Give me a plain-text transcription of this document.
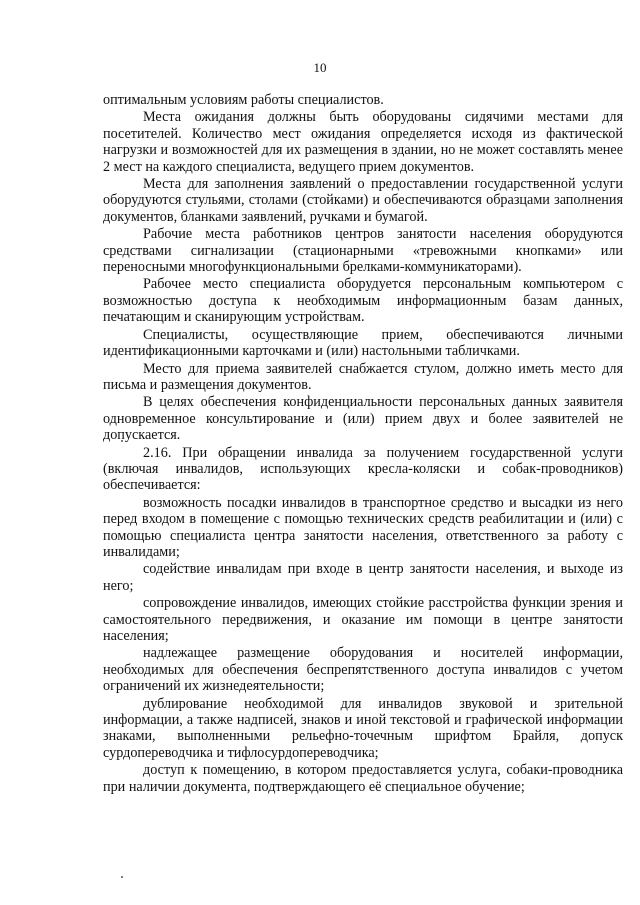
10

оптимальным условиям работы специалистов.

Места ожидания должны быть оборудованы сидячими местами для посетителей. Количество мест ожидания определяется исходя из фактической нагрузки и возможностей для их размещения в здании, но не может составлять менее 2 мест на каждого специалиста, ведущего прием документов.

Места для заполнения заявлений о предоставлении государственной услуги оборудуются стульями, столами (стойками) и обеспечиваются образцами заполнения документов, бланками заявлений, ручками и бумагой.

Рабочие места работников центров занятости населения оборудуются средствами сигнализации (стационарными «тревожными кнопками» или переносными многофункциональными брелками-коммуникаторами).

Рабочее место специалиста оборудуется персональным компьютером с возможностью доступа к необходимым информационным базам данных, печатающим и сканирующим устройствам.

Специалисты, осуществляющие прием, обеспечиваются личными идентификационными карточками и (или) настольными табличками.

Место для приема заявителей снабжается стулом, должно иметь место для письма и размещения документов.

В целях обеспечения конфиденциальности персональных данных заявителя одновременное консультирование и (или) прием двух и более заявителей не допускается.

2.16. При обращении инвалида за получением государственной услуги (включая инвалидов, использующих кресла-коляски и собак-проводников) обеспечивается:

возможность посадки инвалидов в транспортное средство и высадки из него перед входом в помещение с помощью технических средств реабилитации и (или) с помощью специалиста центра занятости населения, ответственного за работу с инвалидами;

содействие инвалидам при входе в центр занятости населения, и выходе из него;

сопровождение инвалидов, имеющих стойкие расстройства функции зрения и самостоятельного передвижения, и оказание им помощи в центре занятости населения;

надлежащее размещение оборудования и носителей информации, необходимых для обеспечения беспрепятственного доступа инвалидов с учетом ограничений их жизнедеятельности;

дублирование необходимой для инвалидов звуковой и зрительной информации, а также надписей, знаков и иной текстовой и графической информации знаками, выполненными рельефно-точечным шрифтом Брайля, допуск сурдопереводчика и тифлосурдопереводчика;

доступ к помещению, в котором предоставляется услуга, собаки-проводника при наличии документа, подтверждающего её специальное обучение;
